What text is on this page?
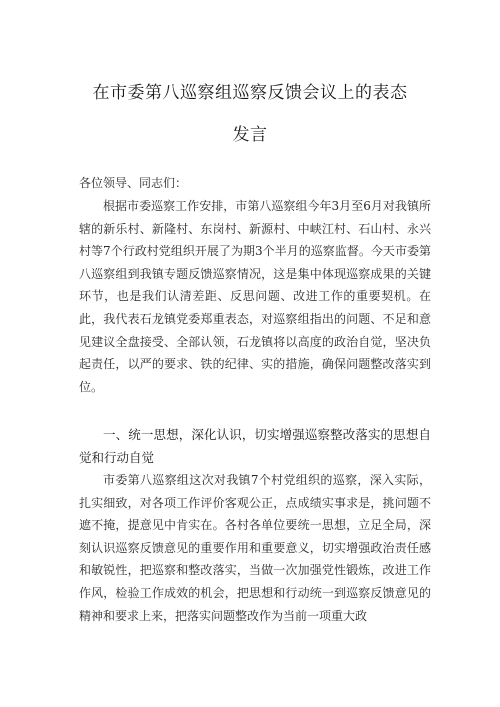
在市委第八巡察组巡察反馈会议上的表态
发言
各位领导、同志们：
根据市委巡察工作安排，市第八巡察组今年3月至6月对我镇所辖的新乐村、新隆村、东岗村、新源村、中峡江村、石山村、永兴村等7个行政村党组织开展了为期3个半月的巡察监督。今天市委第八巡察组到我镇专题反馈巡察情况，这是集中体现巡察成果的关键环节，也是我们认清差距、反思问题、改进工作的重要契机。在此，我代表石龙镇党委郑重表态，对巡察组指出的问题、不足和意见建议全盘接受、全部认领，石龙镇将以高度的政治自觉，坚决负起责任，以严的要求、铁的纪律、实的措施，确保问题整改落实到位。
一、统一思想，深化认识，切实增强巡察整改落实的思想自觉和行动自觉
市委第八巡察组这次对我镇7个村党组织的巡察，深入实际，扎实细致，对各项工作评价客观公正，点成绩实事求是，挑问题不遮不掩，提意见中肯实在。各村各单位要统一思想，立足全局，深刻认识巡察反馈意见的重要作用和重要意义，切实增强政治责任感和敏锐性，把巡察和整改落实，当做一次加强党性锻炼，改进工作作风，检验工作成效的机会，把思想和行动统一到巡察反馈意见的精神和要求上来，把落实问题整改作为当前一项重大政
